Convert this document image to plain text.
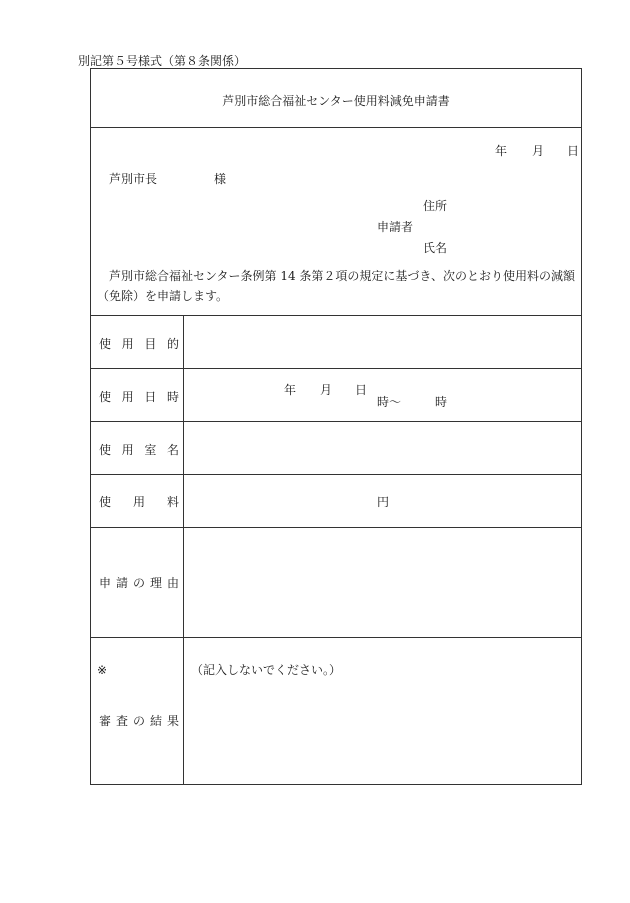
別記第５号様式（第８条関係）
芦別市総合福祉センター使用料減免申請書
年 月 日
芦別市長	様
住所
申請者
氏名
芦別市総合福祉センター条例第 14 条第２項の規定に基づき、次のとおり使用料の減額（免除）を申請します。
使 用 目 的
使 用 日 時	年 月 日
時～	時
使 用 室 名
使 用 料	円
申 請 の 理 由
※
審 査 の 結 果
（記入しないでください。）
